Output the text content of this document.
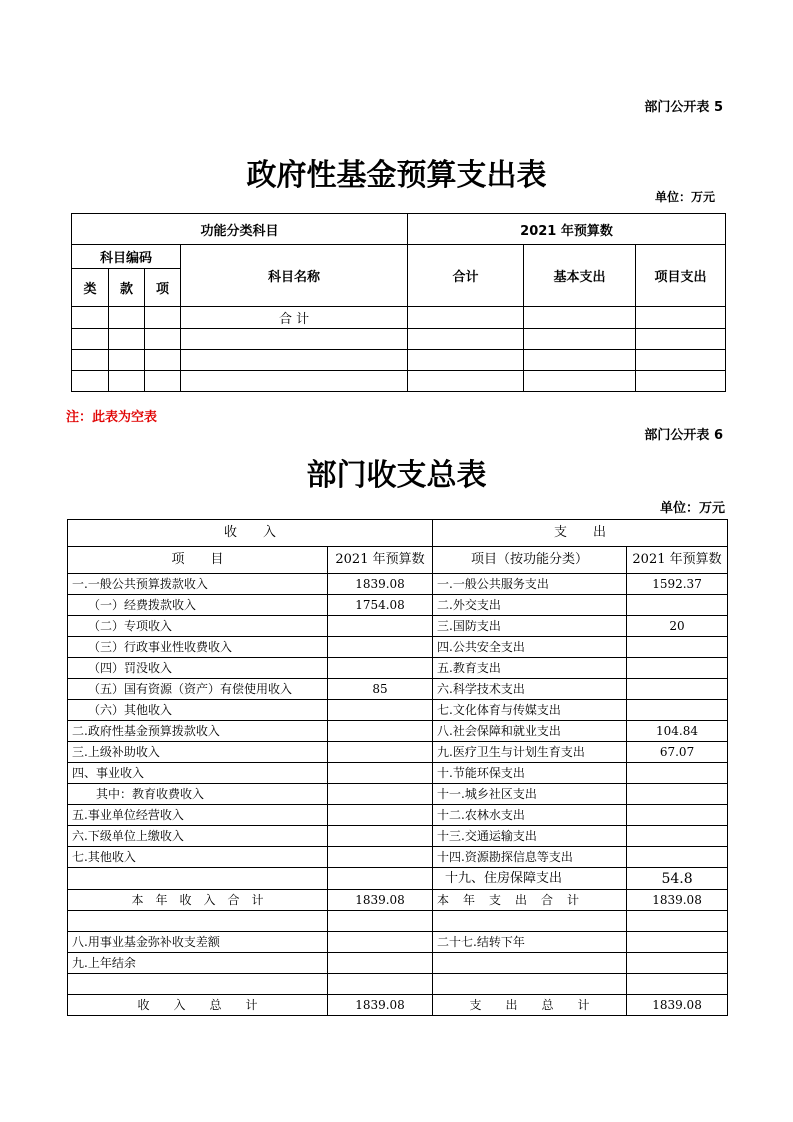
部门公开表 5
政府性基金预算支出表
单位：万元
功能分类科目				2021 年预算数		
科目编码			科目名称	合计	基本支出	项目支出
类	款	项				
			合 计			

注：此表为空表
部门公开表 6
部门收支总表
单位：万元
收　　入		支　　出	
项　　目	2021 年预算数	项目（按功能分类）	2021 年预算数
一.一般公共预算拨款收入	1839.08	一.一般公共服务支出	1592.37
（一）经费拨款收入	1754.08	二.外交支出	
（二）专项收入		三.国防支出	20
（三）行政事业性收费收入		四.公共安全支出	
（四）罚没收入		五.教育支出	
（五）国有资源（资产）有偿使用收入	85	六.科学技术支出	
（六）其他收入		七.文化体育与传媒支出	
二.政府性基金预算拨款收入		八.社会保障和就业支出	104.84
三.上级补助收入		九.医疗卫生与计划生育支出	67.07
四、事业收入		十.节能环保支出	
其中：教育收费收入		十一.城乡社区支出	
五.事业单位经营收入		十二.农林水支出	
六.下级单位上缴收入		十三.交通运输支出	
七.其他收入		十四.资源勘探信息等支出	
		十九、住房保障支出	54.8
本　年　收　入　合　计	1839.08	本　年　支　出　合　计	1839.08

八.用事业基金弥补收支差额		二十七.结转下年	
九.上年结余			

收　　入　　总　　计	1839.08	支　　出　　总　　计	1839.08
